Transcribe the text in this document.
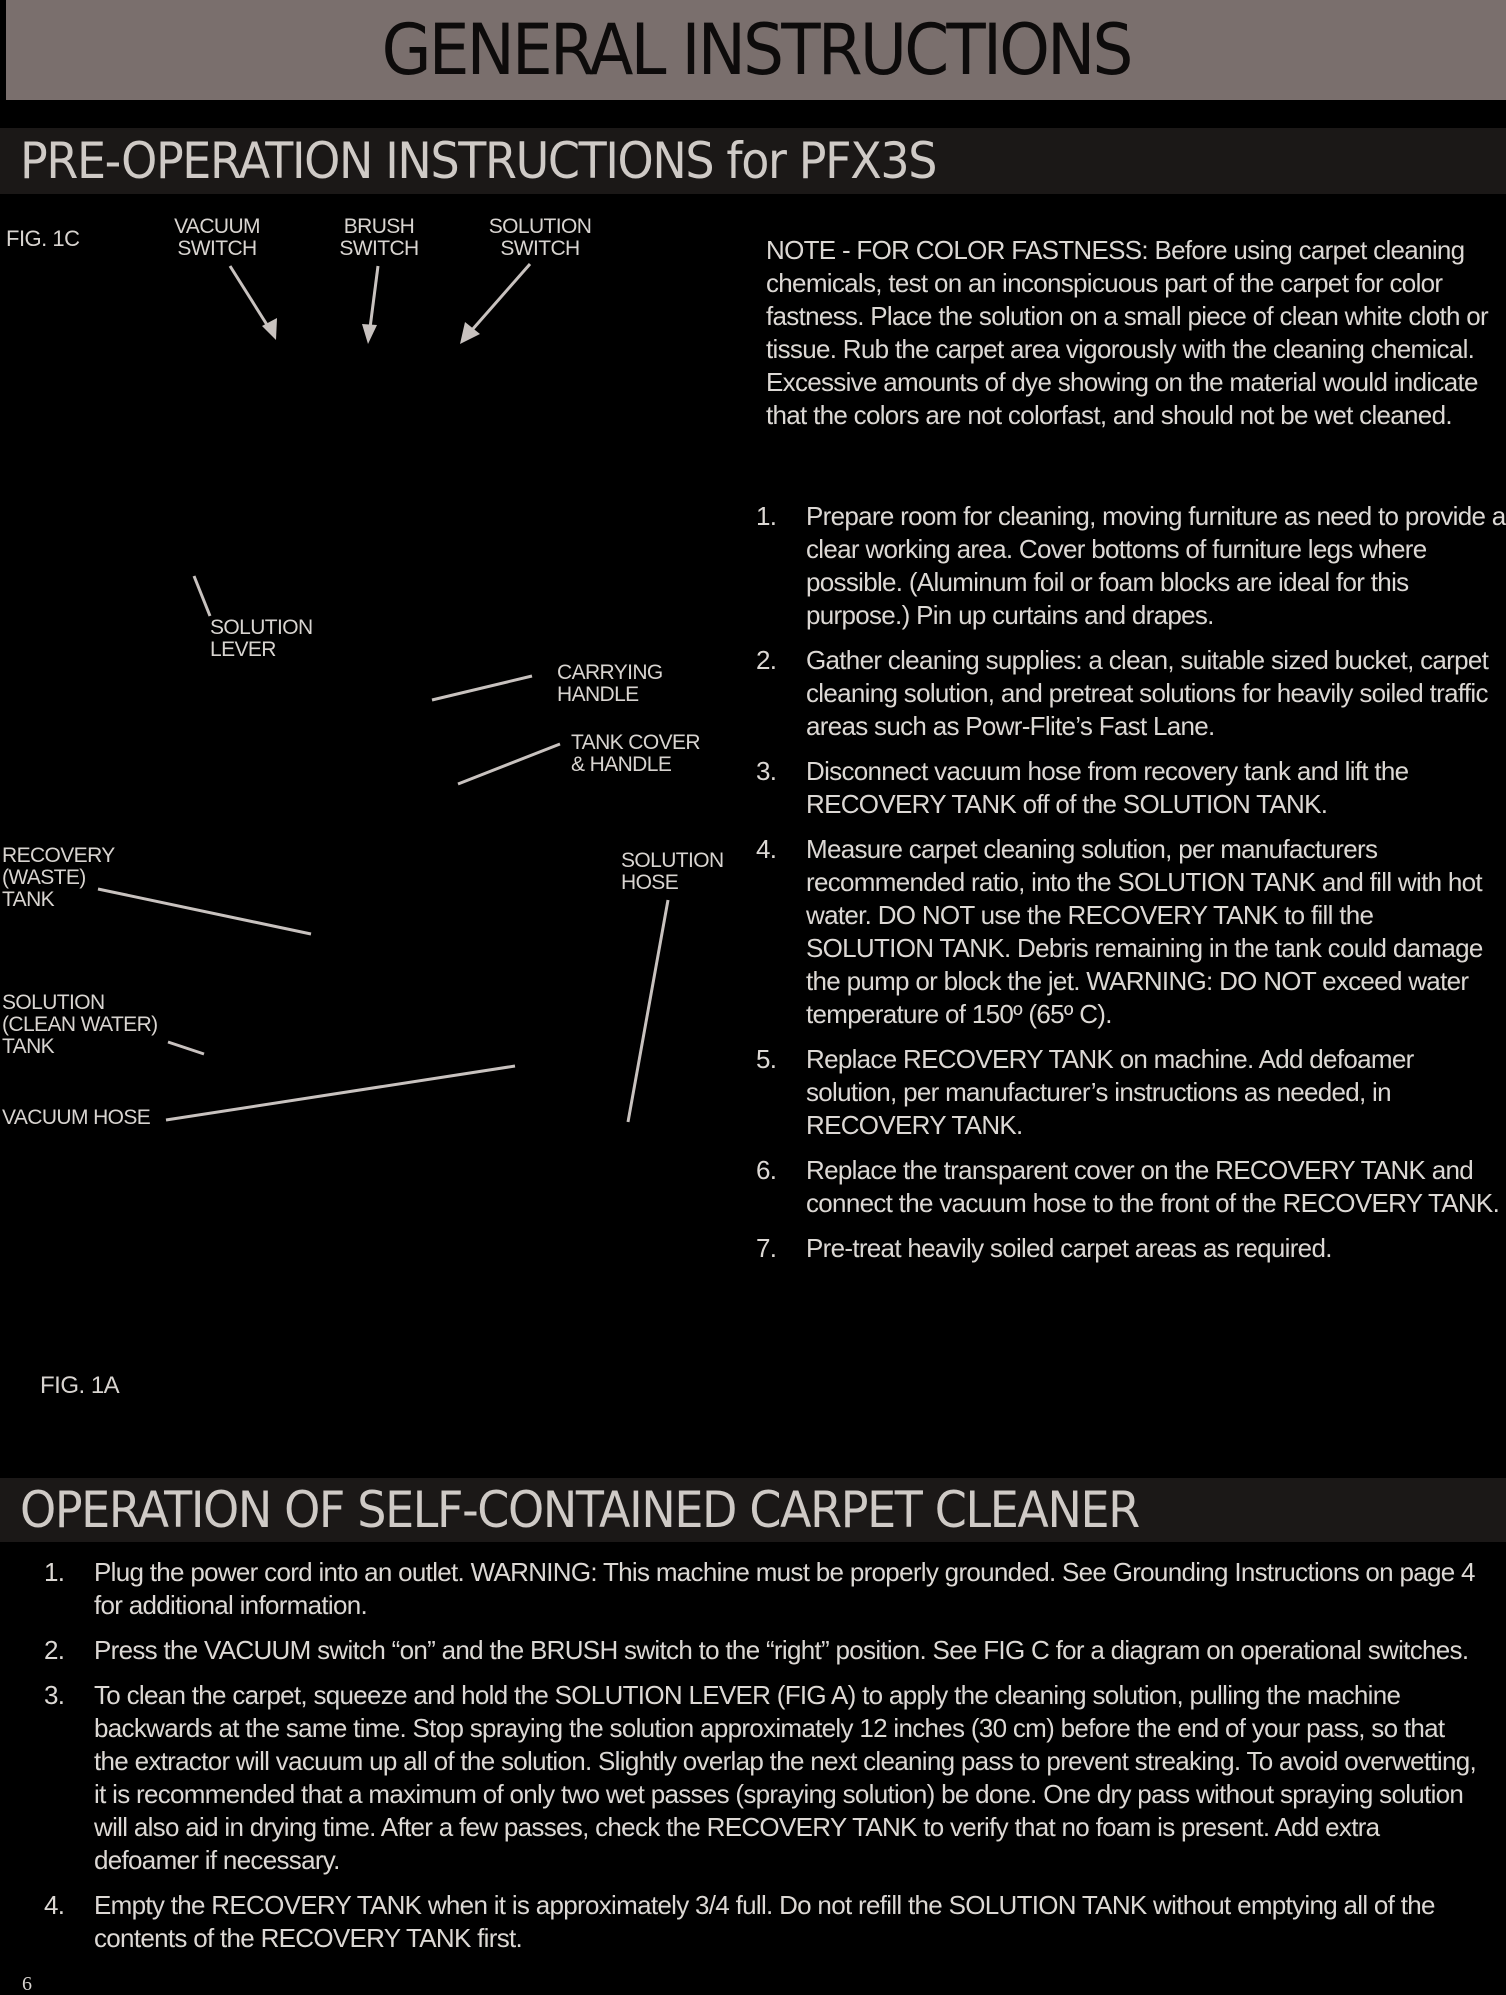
GENERAL INSTRUCTIONS
PRE-OPERATION INSTRUCTIONS for PFX3S
FIG. 1C	VACUUM
SWITCH
BRUSH
SWITCH
SOLUTION
SWITCH
SOLUTION
LEVER
CARRYING
HANDLE
TANK COVER
& HANDLE
RECOVERY
(WASTE)
TANK
SOLUTION
HOSE
SOLUTION
(CLEAN WATER)
TANK
VACUUM HOSE
FIG. 1A

NOTE - FOR COLOR FASTNESS: Before using carpet cleaning chemicals, test on an inconspicuous part of the carpet for color fastness. Place the solution on a small piece of clean white cloth or tissue. Rub the carpet area vigorously with the cleaning chemical. Excessive amounts of dye showing on the material would indicate that the colors are not colorfast, and should not be wet cleaned.

1. Prepare room for cleaning, moving furniture as need to provide a clear working area. Cover bottoms of furniture legs where possible. (Aluminum foil or foam blocks are ideal for this purpose.) Pin up curtains and drapes.
2. Gather cleaning supplies: a clean, suitable sized bucket, carpet cleaning solution, and pretreat solutions for heavily soiled traffic areas such as Powr-Flite’s Fast Lane.
3. Disconnect vacuum hose from recovery tank and lift the RECOVERY TANK off of the SOLUTION TANK.
4. Measure carpet cleaning solution, per manufacturers recommended ratio, into the SOLUTION TANK and fill with hot water. DO NOT use the RECOVERY TANK to fill the SOLUTION TANK. Debris remaining in the tank could damage the pump or block the jet. WARNING: DO NOT exceed water temperature of 150º (65º C).
5. Replace RECOVERY TANK on machine. Add defoamer solution, per manufacturer’s instructions as needed, in RECOVERY TANK.
6. Replace the transparent cover on the RECOVERY TANK and connect the vacuum hose to the front of the RECOVERY TANK.
7. Pre-treat heavily soiled carpet areas as required.
OPERATION OF SELF-CONTAINED CARPET CLEANER
1. Plug the power cord into an outlet. WARNING: This machine must be properly grounded. See Grounding Instructions on page 4 for additional information.
2. Press the VACUUM switch “on” and the BRUSH switch to the “right” position. See FIG C for a diagram on operational switches.
3. To clean the carpet, squeeze and hold the SOLUTION LEVER (FIG A) to apply the cleaning solution, pulling the machine backwards at the same time. Stop spraying the solution approximately 12 inches (30 cm) before the end of your pass, so that the extractor will vacuum up all of the solution. Slightly overlap the next cleaning pass to prevent streaking. To avoid overwetting, it is recommended that a maximum of only two wet passes (spraying solution) be done. One dry pass without spraying solution will also aid in drying time. After a few passes, check the RECOVERY TANK to verify that no foam is present. Add extra defoamer if necessary.
4. Empty the RECOVERY TANK when it is approximately 3/4 full. Do not refill the SOLUTION TANK without emptying all of the contents of the RECOVERY TANK first.
6
